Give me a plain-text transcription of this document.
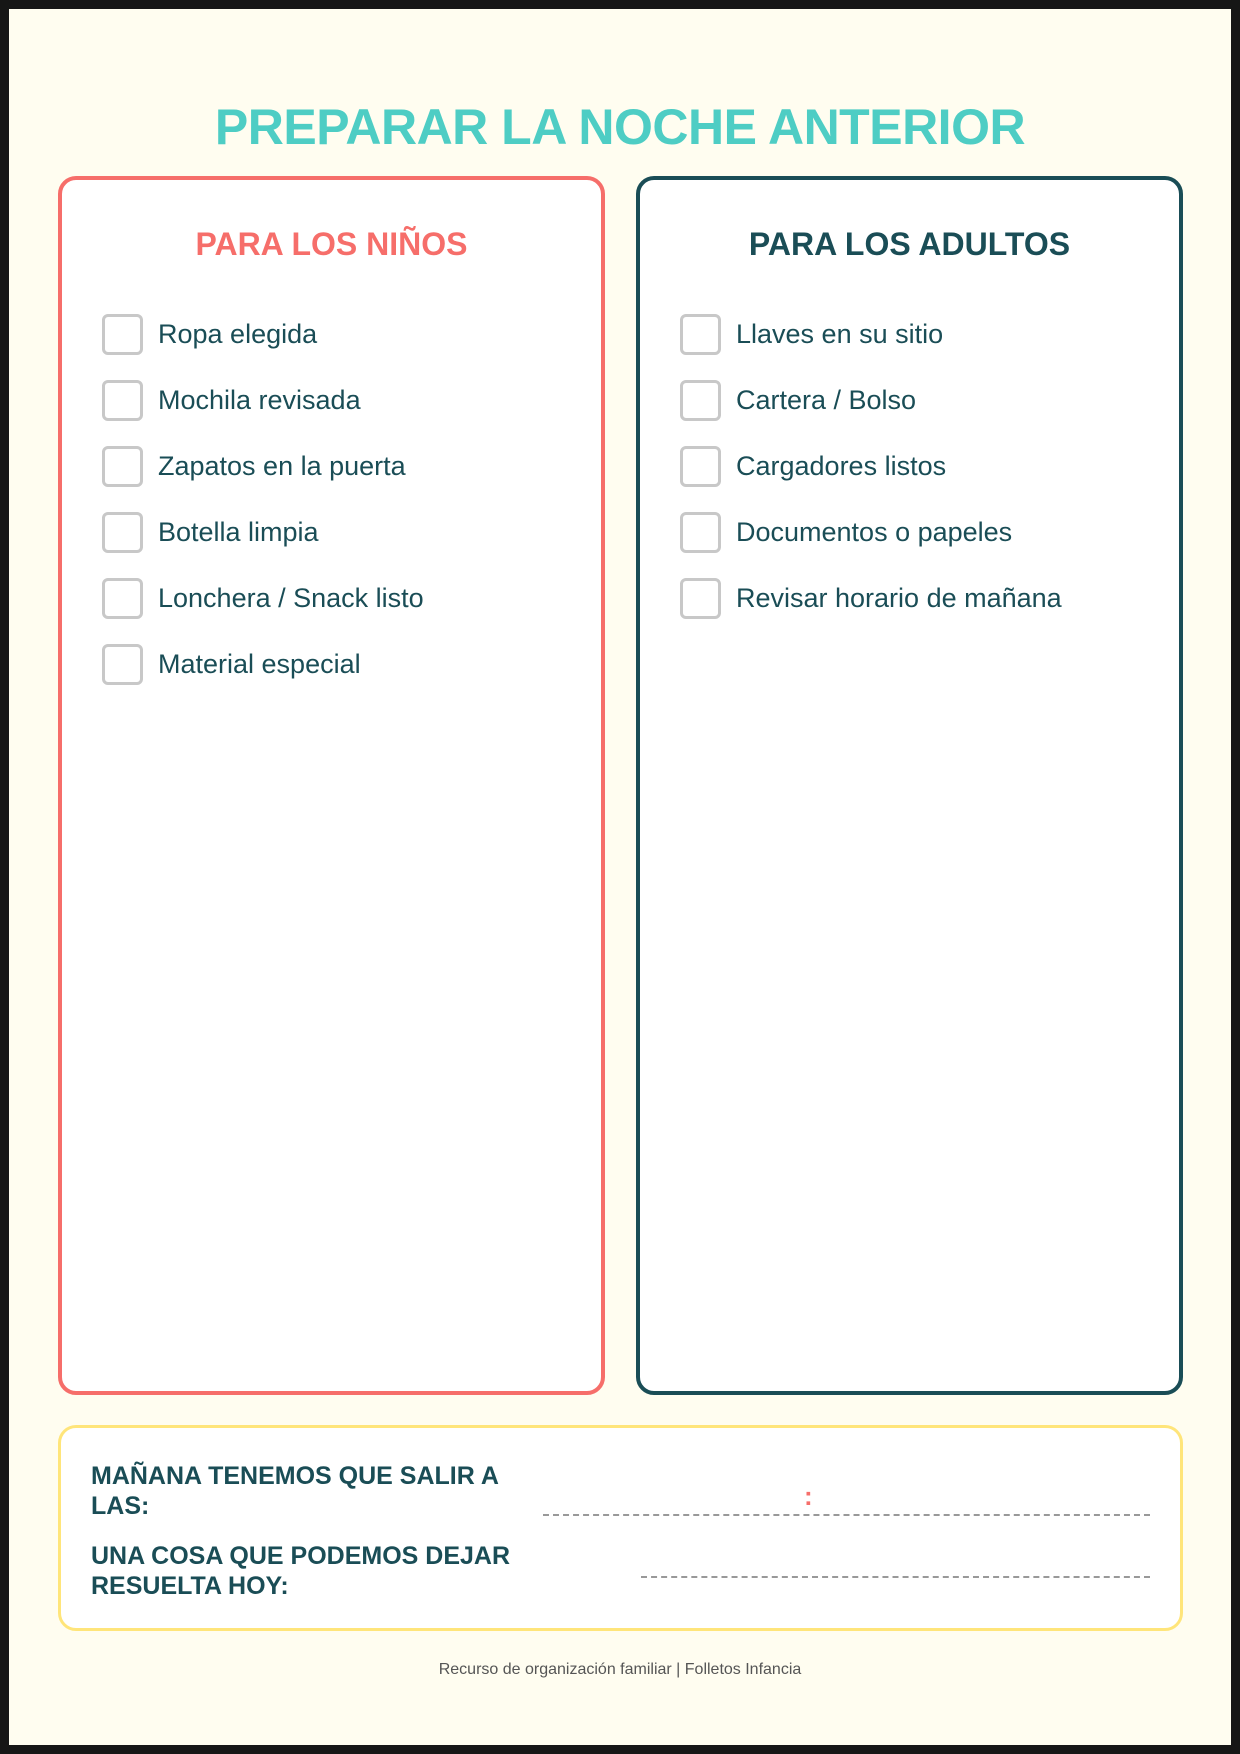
PREPARAR LA NOCHE ANTERIOR
PARA LOS NIÑOS
Ropa elegida
Mochila revisada
Zapatos en la puerta
Botella limpia
Lonchera / Snack listo
Material especial
PARA LOS ADULTOS
Llaves en su sitio
Cartera / Bolso
Cargadores listos
Documentos o papeles
Revisar horario de mañana
MAÑANA TENEMOS QUE SALIR A LAS:	:
UNA COSA QUE PODEMOS DEJAR RESUELTA HOY:
Recurso de organización familiar | Folletos Infancia
